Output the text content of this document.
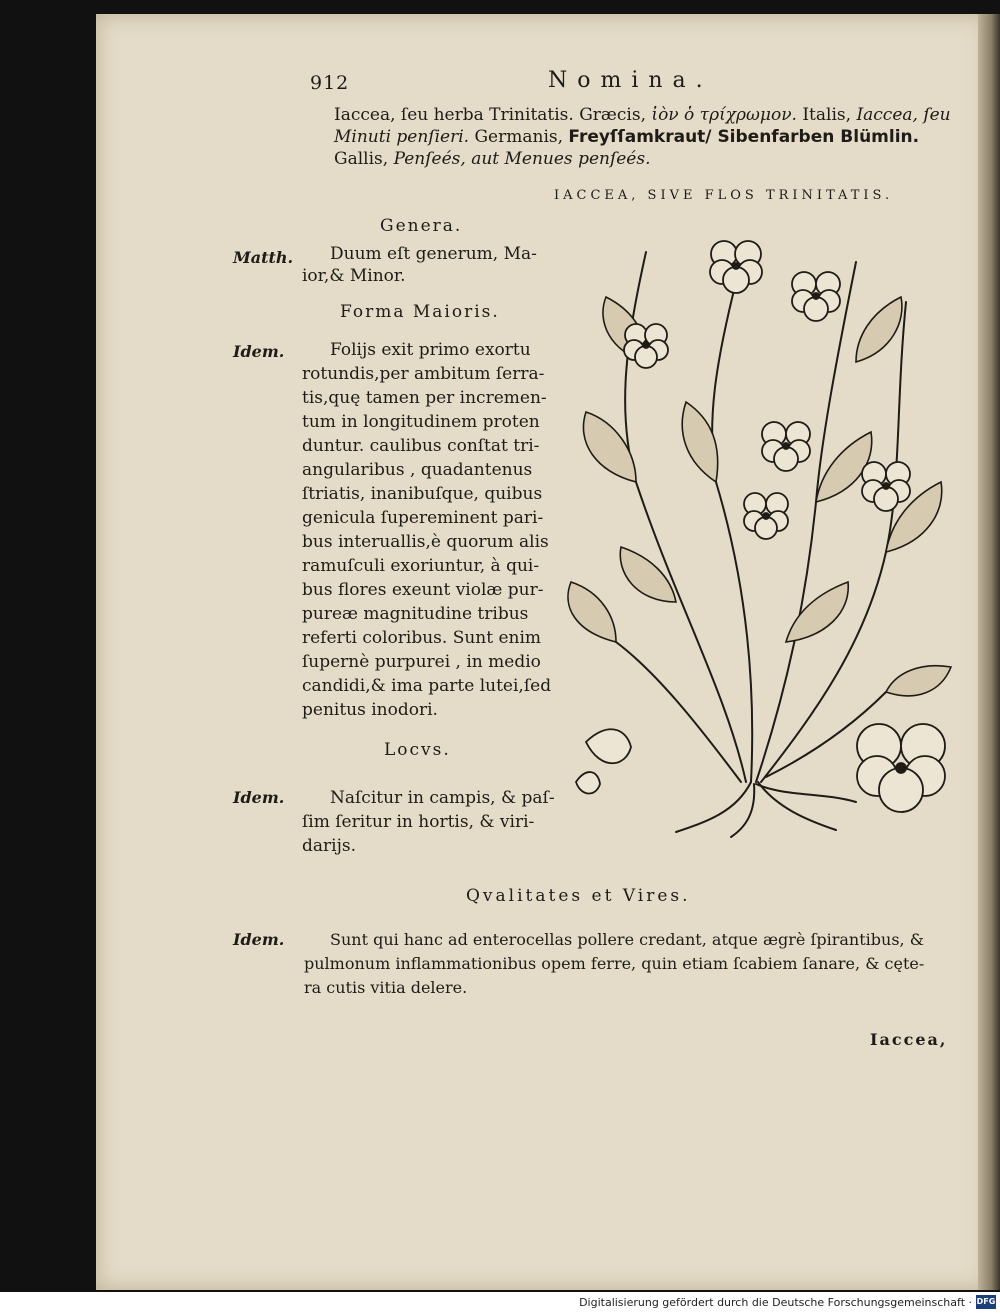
912	Nomina.
Iaccea, ſeu herba Trinitatis. Græcis, ἰὸν ὁ τρίχρωμον. Italis, Iaccea, ſeu Minuti penſieri. Germanis, Freyſſamkraut/ Sibenfarben Blümlin. Gallis, Penſeés, aut Menues penſeés.
IACCEA, SIVE FLOS TRINITATIS.
Genera.
Matth. Duum eſt generum, Ma-
ior,& Minor.
Forma Maioris.
Idem.	Folijs exit primo exortu
rotundis,per ambitum ſerra-
tis,quę tamen per incremen-
tum in longitudinem proten
duntur. caulibus conſtat tri-
angularibus , quadantenus
ſtriatis, inanibuſque, quibus
genicula ſupereminent pari-
bus interuallis,è quorum alis
ramuſculi exoriuntur, à qui-
bus flores exeunt violæ pur-
pureæ magnitudine tribus
referti coloribus. Sunt enim
ſupernè purpurei , in medio
candidi,& ima parte lutei,ſed
penitus inodori.
Locvs.
Idem.	Naſcitur in campis, & paſ-
ſim ſeritur in hortis, & viri-
darijs.
Qvalitates et Vires.
Idem.	Sunt qui hanc ad enterocellas pollere credant, atque ægrè ſpirantibus, &
pulmonum inflammationibus opem ferre, quin etiam ſcabiem ſanare, & cęte-
ra cutis vitia delere.
Iaccea,
Digitalisierung gefördert durch die Deutsche Forschungsgemeinschaft · DFG
